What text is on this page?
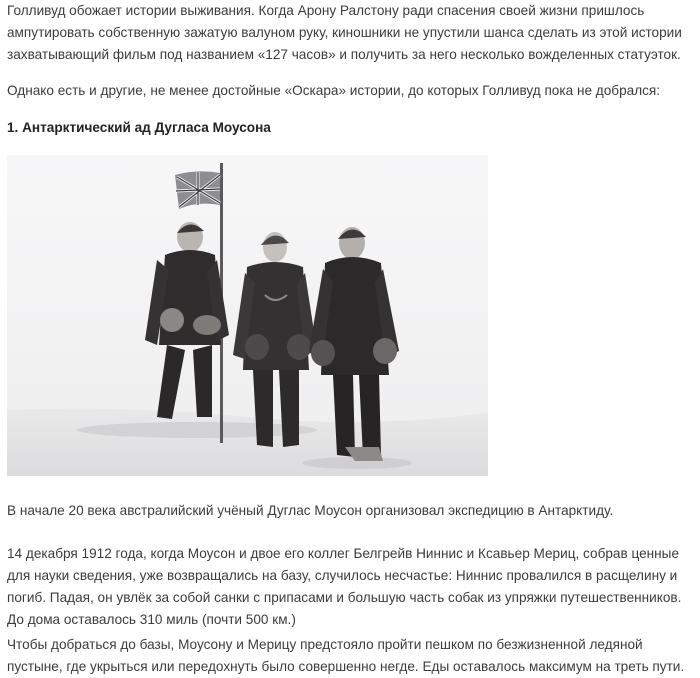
Голливуд обожает истории выживания. Когда Арону Ралстону ради спасения своей жизни пришлось ампутировать собственную зажатую валуном руку, киношники не упустили шанса сделать из этой истории захватывающий фильм под названием «127 часов» и получить за него несколько вожделенных статуэток.

Однако есть и другие, не менее достойные «Оскара» истории, до которых Голливуд пока не добрался:

1. Антарктический ад Дугласа Моусона

В начале 20 века австралийский учёный Дуглас Моусон организовал экспедицию в Антарктиду.

14 декабря 1912 года, когда Моусон и двое его коллег Белгрейв Ниннис и Ксавьер Мериц, собрав ценные для науки сведения, уже возвращались на базу, случилось несчастье: Ниннис провалился в расщелину и погиб. Падая, он увлёк за собой санки с припасами и большую часть собак из упряжки путешественников. До дома оставалось 310 миль (почти 500 км.)

Чтобы добраться до базы, Моусону и Мерицу предстояло пройти пешком по безжизненной ледяной пустыне, где укрыться или передохнуть было совершенно негде. Еды оставалось максимум на треть пути.
